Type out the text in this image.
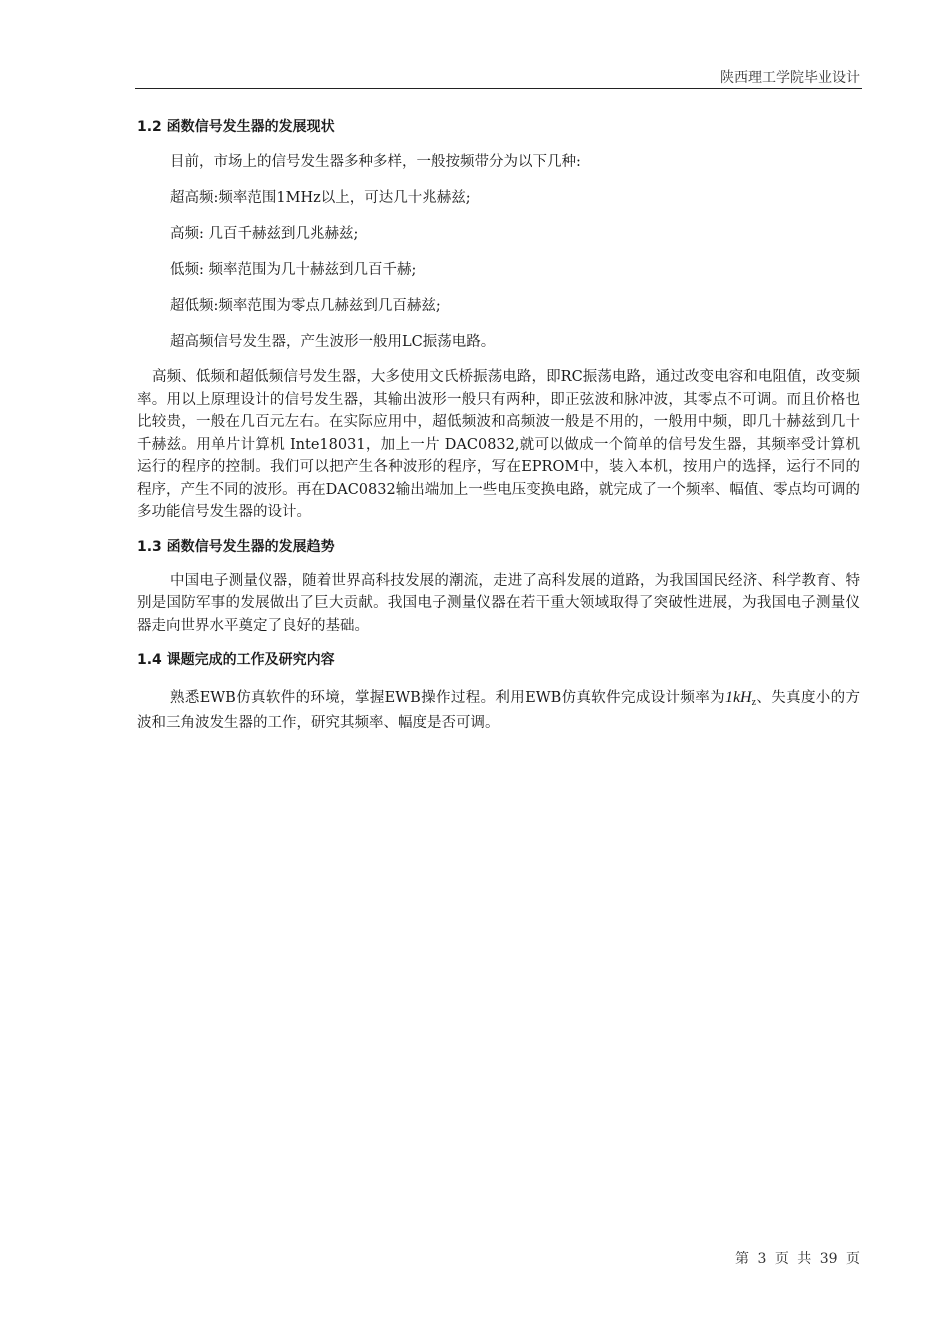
陕西理工学院毕业设计
1.2 函数信号发生器的发展现状
目前，市场上的信号发生器多种多样，一般按频带分为以下几种:
超高频:频率范围1MHz以上，可达几十兆赫兹;
高频: 几百千赫兹到几兆赫兹;
低频: 频率范围为几十赫兹到几百千赫;
超低频:频率范围为零点几赫兹到几百赫兹;
超高频信号发生器，产生波形一般用LC振荡电路。

高频、低频和超低频信号发生器，大多使用文氏桥振荡电路，即RC振荡电路，通过改变电容和电阻值，改变频率。用以上原理设计的信号发生器，其输出波形一般只有两种，即正弦波和脉冲波，其零点不可调。而且价格也比较贵，一般在几百元左右。在实际应用中，超低频波和高频波一般是不用的，一般用中频，即几十赫兹到几十千赫兹。用单片计算机 Inte18031，加上一片 DAC0832,就可以做成一个简单的信号发生器，其频率受计算机运行的程序的控制。我们可以把产生各种波形的程序，写在EPROM中，装入本机，按用户的选择，运行不同的程序，产生不同的波形。再在DAC0832输出端加上一些电压变换电路，就完成了一个频率、幅值、零点均可调的多功能信号发生器的设计。

1.3 函数信号发生器的发展趋势

中国电子测量仪器，随着世界高科技发展的潮流，走进了高科发展的道路，为我国国民经济、科学教育、特别是国防军事的发展做出了巨大贡献。我国电子测量仪器在若干重大领域取得了突破性进展，为我国电子测量仪器走向世界水平奠定了良好的基础。

1.4 课题完成的工作及研究内容

熟悉EWB仿真软件的环境，掌握EWB操作过程。利用EWB仿真软件完成设计频率为1kHz、失真度小的方波和三角波发生器的工作，研究其频率、幅度是否可调。

第 3 页 共 39 页
